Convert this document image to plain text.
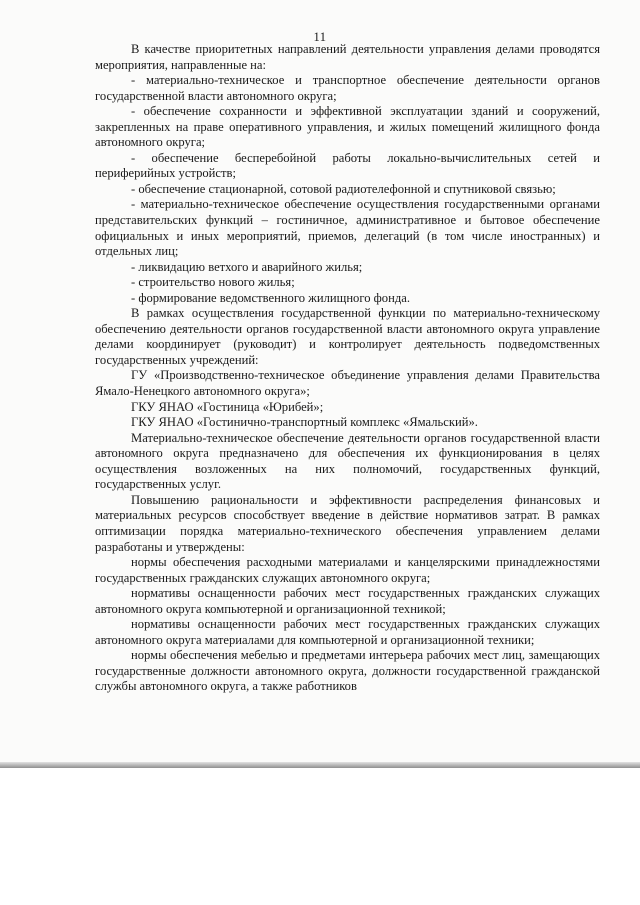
11

В качестве приоритетных направлений деятельности управления делами проводятся мероприятия, направленные на:

- материально-техническое и транспортное обеспечение деятельности органов государственной власти автономного округа;

- обеспечение сохранности и эффективной эксплуатации зданий и сооружений, закрепленных на праве оперативного управления, и жилых помещений жилищного фонда автономного округа;

- обеспечение бесперебойной работы локально-вычислительных сетей и периферийных устройств;

- обеспечение стационарной, сотовой радиотелефонной и спутниковой связью;

- материально-техническое обеспечение осуществления государственными органами представительских функций – гостиничное, административное и бытовое обеспечение официальных и иных мероприятий, приемов, делегаций (в том числе иностранных) и отдельных лиц;

- ликвидацию ветхого и аварийного жилья;

- строительство нового жилья;

- формирование ведомственного жилищного фонда.

В рамках осуществления государственной функции по материально-техническому обеспечению деятельности органов государственной власти автономного округа управление делами координирует (руководит) и контролирует деятельность подведомственных государственных учреждений:

ГУ «Производственно-техническое объединение управления делами Правительства Ямало-Ненецкого автономного округа»;

ГКУ ЯНАО «Гостиница «Юрибей»;

ГКУ ЯНАО «Гостинично-транспортный комплекс «Ямальский».

Материально-техническое обеспечение деятельности органов государственной власти автономного округа предназначено для обеспечения их функционирования в целях осуществления возложенных на них полномочий, государственных функций, государственных услуг.

Повышению рациональности и эффективности распределения финансовых и материальных ресурсов способствует введение в действие нормативов затрат. В рамках оптимизации порядка материально-технического обеспечения управлением делами разработаны и утверждены:

нормы обеспечения расходными материалами и канцелярскими принадлежностями государственных гражданских служащих автономного округа;

нормативы оснащенности рабочих мест государственных гражданских служащих автономного округа компьютерной и организационной техникой;

нормативы оснащенности рабочих мест государственных гражданских служащих автономного округа материалами для компьютерной и организационной техники;

нормы обеспечения мебелью и предметами интерьера рабочих мест лиц, замещающих государственные должности автономного округа, должности государственной гражданской службы автономного округа, а также работников
